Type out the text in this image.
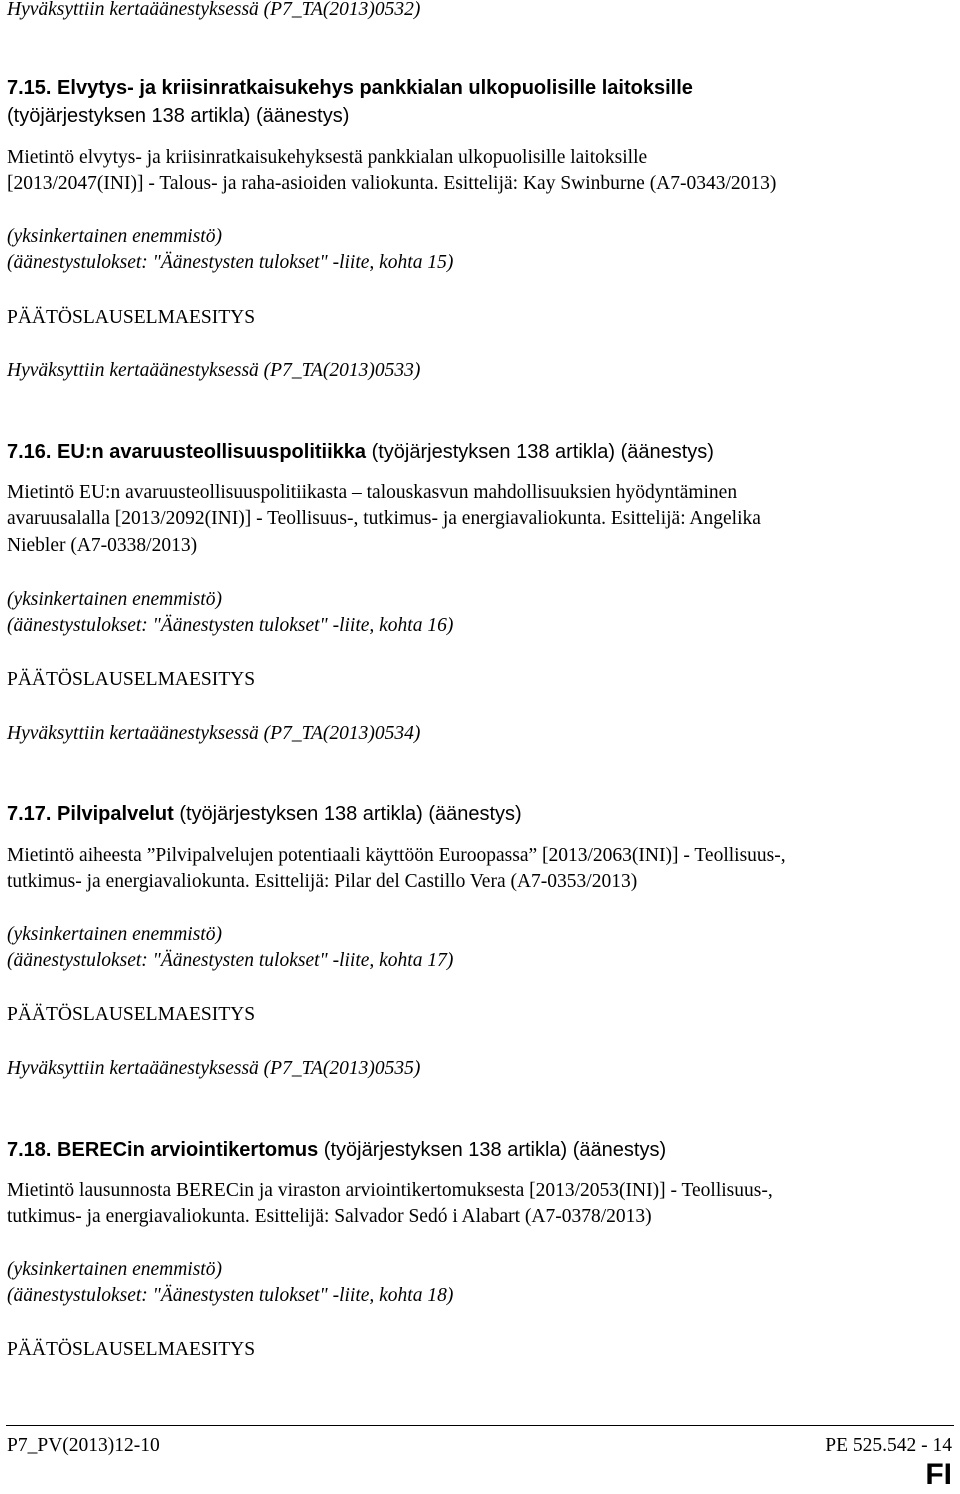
Hyväksyttiin kertaäänestyksessä (P7_TA(2013)0532)
7.15. Elvytys- ja kriisinratkaisukehys pankkialan ulkopuolisille laitoksille
(työjärjestyksen 138 artikla) (äänestys)
Mietintö elvytys- ja kriisinratkaisukehyksestä pankkialan ulkopuolisille laitoksille
[2013/2047(INI)] - Talous- ja raha-asioiden valiokunta. Esittelijä: Kay Swinburne (A7-0343/2013)
(yksinkertainen enemmistö)
(äänestystulokset: "Äänestysten tulokset" -liite, kohta 15)
PÄÄTÖSLAUSELMAESITYS
Hyväksyttiin kertaäänestyksessä (P7_TA(2013)0533)
7.16. EU:n avaruusteollisuuspolitiikka (työjärjestyksen 138 artikla) (äänestys)
Mietintö EU:n avaruusteollisuuspolitiikasta – talouskasvun mahdollisuuksien hyödyntäminen
avaruusalalla [2013/2092(INI)] - Teollisuus-, tutkimus- ja energiavaliokunta. Esittelijä: Angelika
Niebler (A7-0338/2013)
(yksinkertainen enemmistö)
(äänestystulokset: "Äänestysten tulokset" -liite, kohta 16)
PÄÄTÖSLAUSELMAESITYS
Hyväksyttiin kertaäänestyksessä (P7_TA(2013)0534)
7.17. Pilvipalvelut (työjärjestyksen 138 artikla) (äänestys)
Mietintö aiheesta ”Pilvipalvelujen potentiaali käyttöön Euroopassa” [2013/2063(INI)] - Teollisuus-,
tutkimus- ja energiavaliokunta. Esittelijä: Pilar del Castillo Vera (A7-0353/2013)
(yksinkertainen enemmistö)
(äänestystulokset: "Äänestysten tulokset" -liite, kohta 17)
PÄÄTÖSLAUSELMAESITYS
Hyväksyttiin kertaäänestyksessä (P7_TA(2013)0535)
7.18. BERECin arviointikertomus (työjärjestyksen 138 artikla) (äänestys)
Mietintö lausunnosta BERECin ja viraston arviointikertomuksesta [2013/2053(INI)] - Teollisuus-,
tutkimus- ja energiavaliokunta. Esittelijä: Salvador Sedó i Alabart (A7-0378/2013)
(yksinkertainen enemmistö)
(äänestystulokset: "Äänestysten tulokset" -liite, kohta 18)
PÄÄTÖSLAUSELMAESITYS
P7_PV(2013)12-10	PE 525.542 - 14
FI
